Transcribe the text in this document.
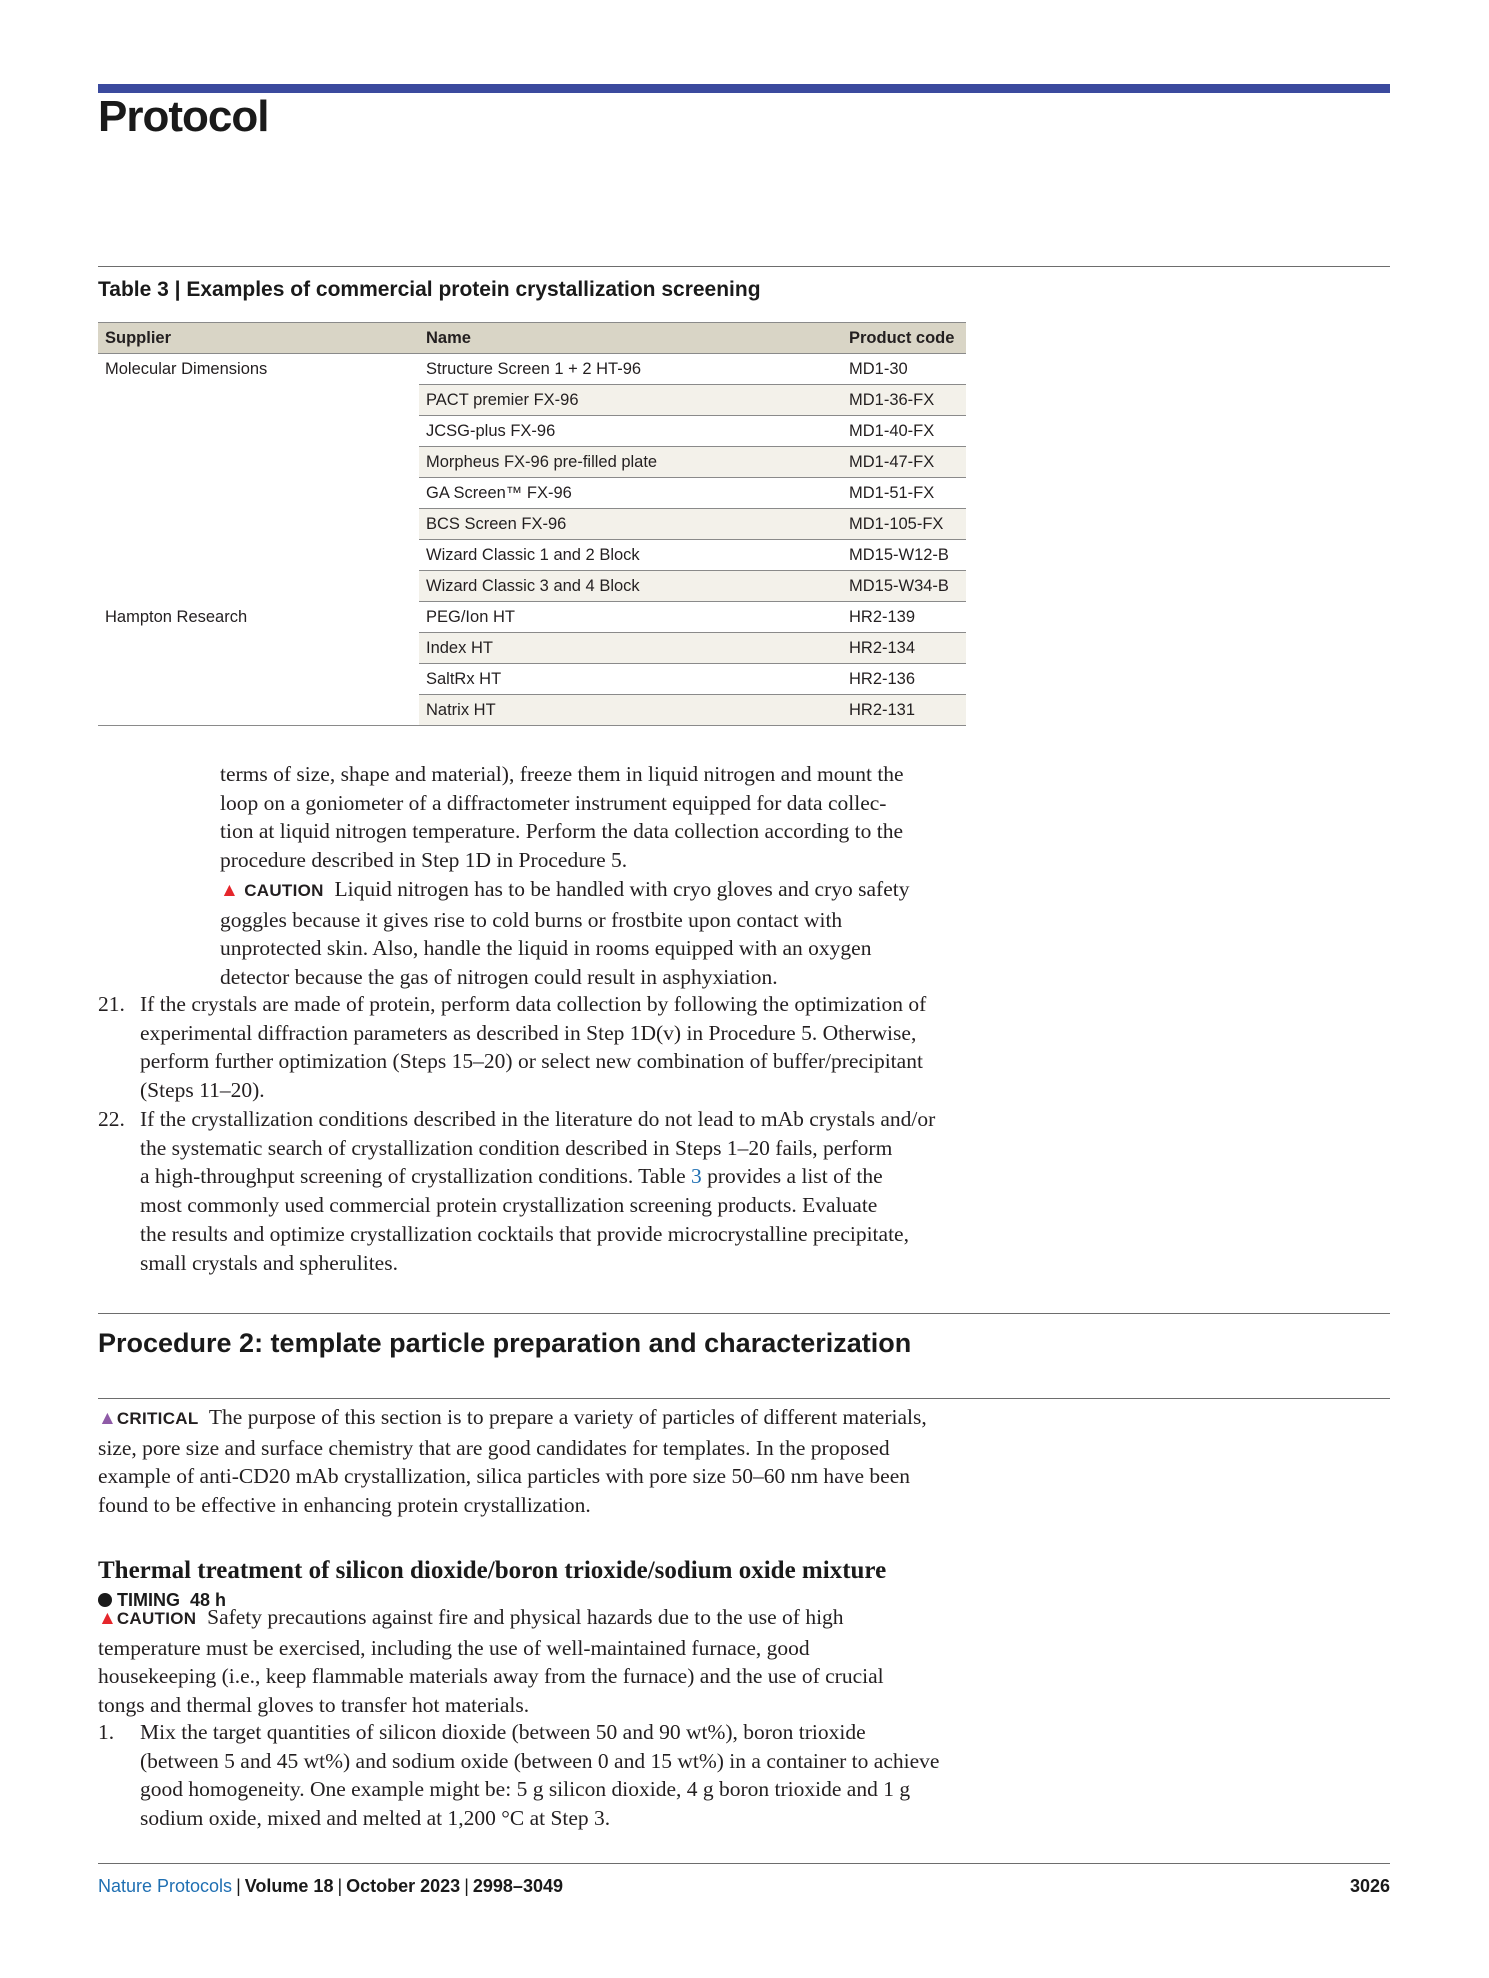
Protocol
Table 3 | Examples of commercial protein crystallization screening
Supplier	Name	Product code
Molecular Dimensions	Structure Screen 1 + 2 HT-96	MD1-30
	PACT premier FX-96	MD1-36-FX
	JCSG-plus FX-96	MD1-40-FX
	Morpheus FX-96 pre-filled plate	MD1-47-FX
	GA Screen™ FX-96	MD1-51-FX
	BCS Screen FX-96	MD1-105-FX
	Wizard Classic 1 and 2 Block	MD15-W12-B
	Wizard Classic 3 and 4 Block	MD15-W34-B
Hampton Research	PEG/Ion HT	HR2-139
	Index HT	HR2-134
	SaltRx HT	HR2-136
	Natrix HT	HR2-131
terms of size, shape and material), freeze them in liquid nitrogen and mount the
loop on a goniometer of a diffractometer instrument equipped for data collec-
tion at liquid nitrogen temperature. Perform the data collection according to the
procedure described in Step 1D in Procedure 5.
▲ CAUTION Liquid nitrogen has to be handled with cryo gloves and cryo safety
goggles because it gives rise to cold burns or frostbite upon contact with
unprotected skin. Also, handle the liquid in rooms equipped with an oxygen
detector because the gas of nitrogen could result in asphyxiation.
21. If the crystals are made of protein, perform data collection by following the optimization of
experimental diffraction parameters as described in Step 1D(v) in Procedure 5. Otherwise,
perform further optimization (Steps 15–20) or select new combination of buffer/precipitant
(Steps 11–20).
22. If the crystallization conditions described in the literature do not lead to mAb crystals and/or
the systematic search of crystallization condition described in Steps 1–20 fails, perform
a high-throughput screening of crystallization conditions. Table 3 provides a list of the
most commonly used commercial protein crystallization screening products. Evaluate
the results and optimize crystallization cocktails that provide microcrystalline precipitate,
small crystals and spherulites.
Procedure 2: template particle preparation and characterization
▲CRITICAL The purpose of this section is to prepare a variety of particles of different materials,
size, pore size and surface chemistry that are good candidates for templates. In the proposed
example of anti-CD20 mAb crystallization, silica particles with pore size 50–60 nm have been
found to be effective in enhancing protein crystallization.
Thermal treatment of silicon dioxide/boron trioxide/sodium oxide mixture
TIMING 48 h
▲CAUTION Safety precautions against fire and physical hazards due to the use of high
temperature must be exercised, including the use of well-maintained furnace, good
housekeeping (i.e., keep flammable materials away from the furnace) and the use of crucial
tongs and thermal gloves to transfer hot materials.
1. Mix the target quantities of silicon dioxide (between 50 and 90 wt%), boron trioxide
(between 5 and 45 wt%) and sodium oxide (between 0 and 15 wt%) in a container to achieve
good homogeneity. One example might be: 5 g silicon dioxide, 4 g boron trioxide and 1 g
sodium oxide, mixed and melted at 1,200 °C at Step 3.
Nature Protocols | Volume 18 | October 2023 | 2998–3049	3026
